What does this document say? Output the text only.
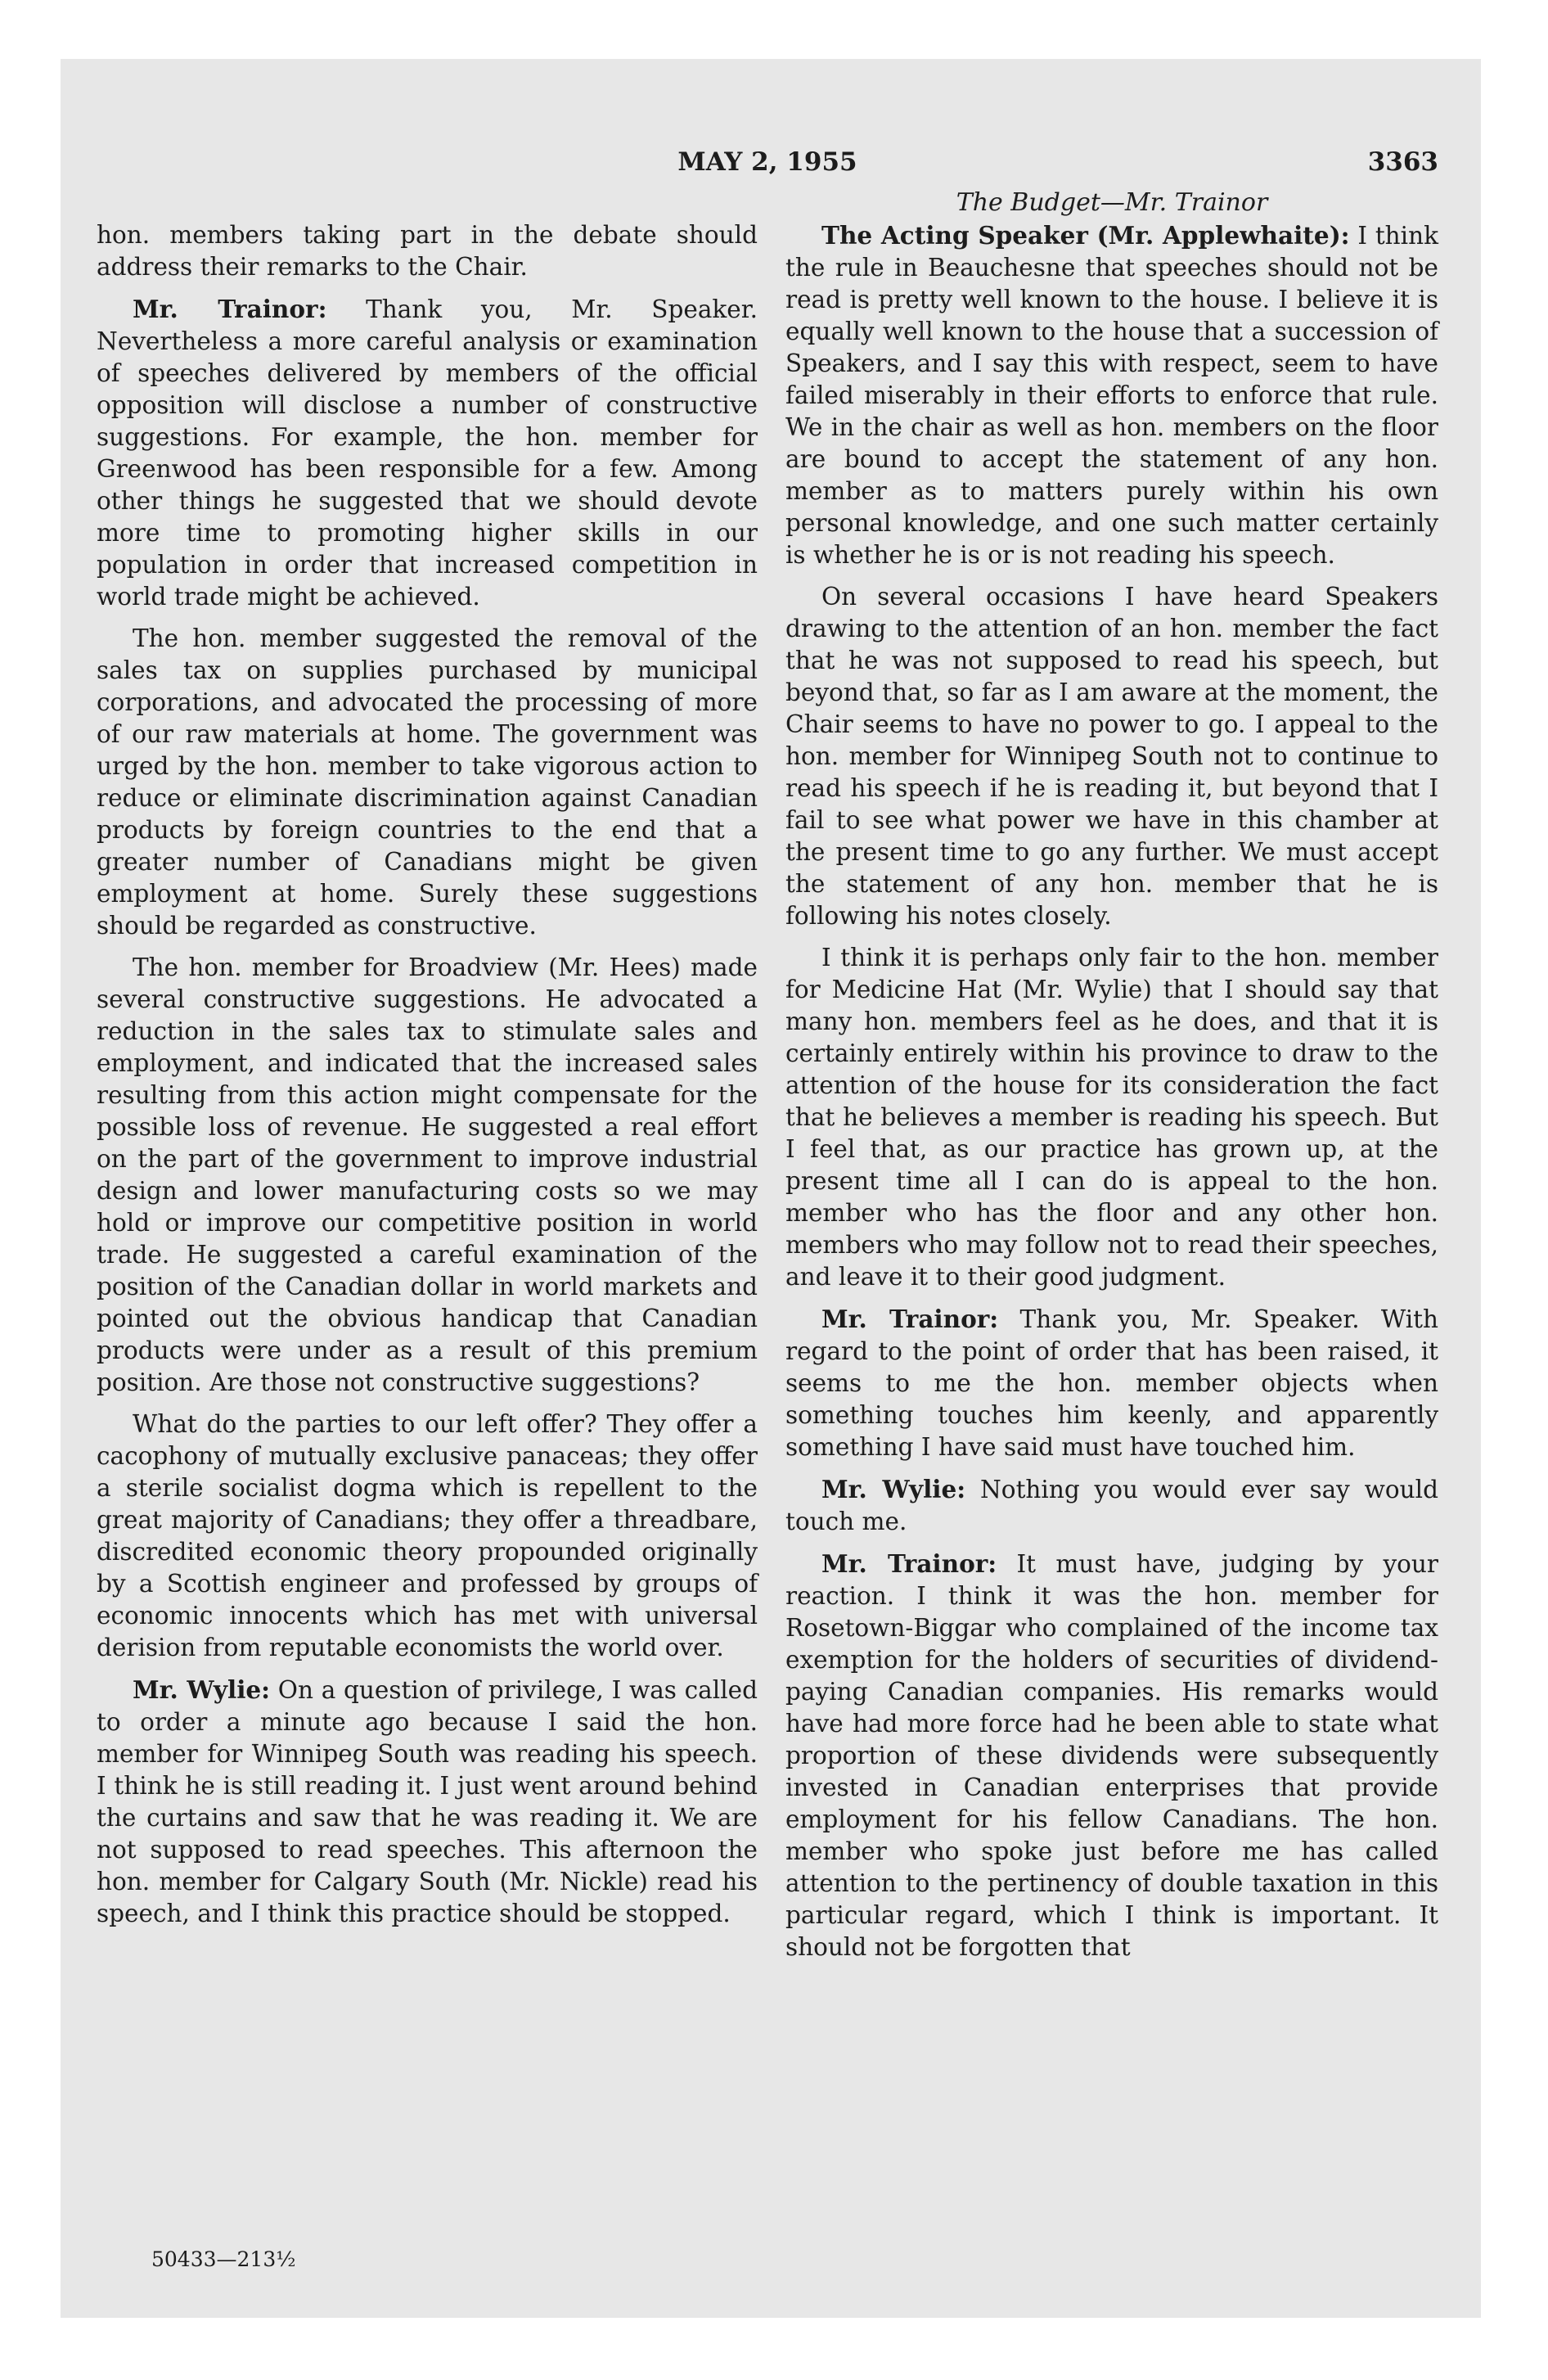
MAY 2, 1955	3363
The Budget—Mr. Trainor

hon. members taking part in the debate should address their remarks to the Chair.

Mr. Trainor: Thank you, Mr. Speaker. Nevertheless a more careful analysis or examination of speeches delivered by members of the official opposition will disclose a number of constructive suggestions. For example, the hon. member for Greenwood has been responsible for a few. Among other things he suggested that we should devote more time to promoting higher skills in our population in order that increased competition in world trade might be achieved.

The hon. member suggested the removal of the sales tax on supplies purchased by municipal corporations, and advocated the processing of more of our raw materials at home. The government was urged by the hon. member to take vigorous action to reduce or eliminate discrimination against Canadian products by foreign countries to the end that a greater number of Canadians might be given employment at home. Surely these suggestions should be regarded as constructive.

The hon. member for Broadview (Mr. Hees) made several constructive suggestions. He advocated a reduction in the sales tax to stimulate sales and employment, and indicated that the increased sales resulting from this action might compensate for the possible loss of revenue. He suggested a real effort on the part of the government to improve industrial design and lower manufacturing costs so we may hold or improve our competitive position in world trade. He suggested a careful examination of the position of the Canadian dollar in world markets and pointed out the obvious handicap that Canadian products were under as a result of this premium position. Are those not constructive suggestions?

What do the parties to our left offer? They offer a cacophony of mutually exclusive panaceas; they offer a sterile socialist dogma which is repellent to the great majority of Canadians; they offer a threadbare, discredited economic theory propounded originally by a Scottish engineer and professed by groups of economic innocents which has met with universal derision from reputable economists the world over.

Mr. Wylie: On a question of privilege, I was called to order a minute ago because I said the hon. member for Winnipeg South was reading his speech. I think he is still reading it. I just went around behind the curtains and saw that he was reading it. We are not supposed to read speeches. This afternoon the hon. member for Calgary South (Mr. Nickle) read his speech, and I think this practice should be stopped.

The Acting Speaker (Mr. Applewhaite): I think the rule in Beauchesne that speeches should not be read is pretty well known to the house. I believe it is equally well known to the house that a succession of Speakers, and I say this with respect, seem to have failed miserably in their efforts to enforce that rule. We in the chair as well as hon. members on the floor are bound to accept the statement of any hon. member as to matters purely within his own personal knowledge, and one such matter certainly is whether he is or is not reading his speech.

On several occasions I have heard Speakers drawing to the attention of an hon. member the fact that he was not supposed to read his speech, but beyond that, so far as I am aware at the moment, the Chair seems to have no power to go. I appeal to the hon. member for Winnipeg South not to continue to read his speech if he is reading it, but beyond that I fail to see what power we have in this chamber at the present time to go any further. We must accept the statement of any hon. member that he is following his notes closely.

I think it is perhaps only fair to the hon. member for Medicine Hat (Mr. Wylie) that I should say that many hon. members feel as he does, and that it is certainly entirely within his province to draw to the attention of the house for its consideration the fact that he believes a member is reading his speech. But I feel that, as our practice has grown up, at the present time all I can do is appeal to the hon. member who has the floor and any other hon. members who may follow not to read their speeches, and leave it to their good judgment.

Mr. Trainor: Thank you, Mr. Speaker. With regard to the point of order that has been raised, it seems to me the hon. member objects when something touches him keenly, and apparently something I have said must have touched him.

Mr. Wylie: Nothing you would ever say would touch me.

Mr. Trainor: It must have, judging by your reaction. I think it was the hon. member for Rosetown-Biggar who complained of the income tax exemption for the holders of securities of dividend-paying Canadian companies. His remarks would have had more force had he been able to state what proportion of these dividends were subsequently invested in Canadian enterprises that provide employment for his fellow Canadians. The hon. member who spoke just before me has called attention to the pertinency of double taxation in this particular regard, which I think is important. It should not be forgotten that

50433—213½
